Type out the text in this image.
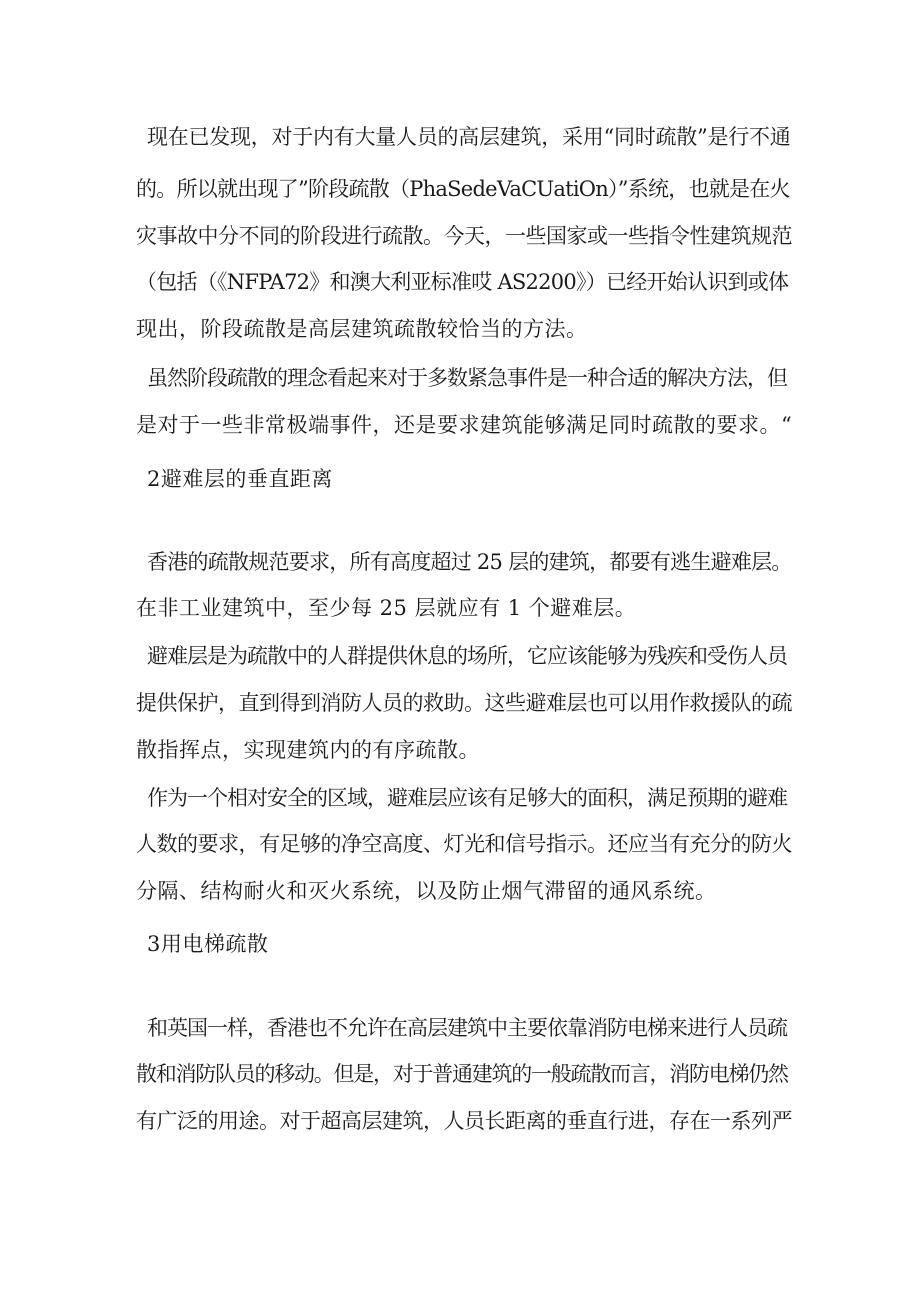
现在已发现，对于内有大量人员的高层建筑，采用“同时疏散”是行不通
的。所以就出现了”阶段疏散（PhaSedeVaCUatiOn）”系统，也就是在火
灾事故中分不同的阶段进行疏散。今天，一些国家或一些指令性建筑规范
（包括（《NFPA72》和澳大利亚标准哎 AS2200》）已经开始认识到或体
现出，阶段疏散是高层建筑疏散较恰当的方法。
虽然阶段疏散的理念看起来对于多数紧急事件是一种合适的解决方法，但
是对于一些非常极端事件，还是要求建筑能够满足同时疏散的要求。“
2避难层的垂直距离
香港的疏散规范要求，所有高度超过 25 层的建筑，都要有逃生避难层。
在非工业建筑中，至少每 25 层就应有 1 个避难层。
避难层是为疏散中的人群提供休息的场所，它应该能够为残疾和受伤人员
提供保护，直到得到消防人员的救助。这些避难层也可以用作救援队的疏
散指挥点，实现建筑内的有序疏散。
作为一个相对安全的区域，避难层应该有足够大的面积，满足预期的避难
人数的要求，有足够的净空高度、灯光和信号指示。还应当有充分的防火
分隔、结构耐火和灭火系统，以及防止烟气滞留的通风系统。
3用电梯疏散
和英国一样，香港也不允许在高层建筑中主要依靠消防电梯来进行人员疏
散和消防队员的移动。但是，对于普通建筑的一般疏散而言，消防电梯仍然
有广泛的用途。对于超高层建筑，人员长距离的垂直行进，存在一系列严
